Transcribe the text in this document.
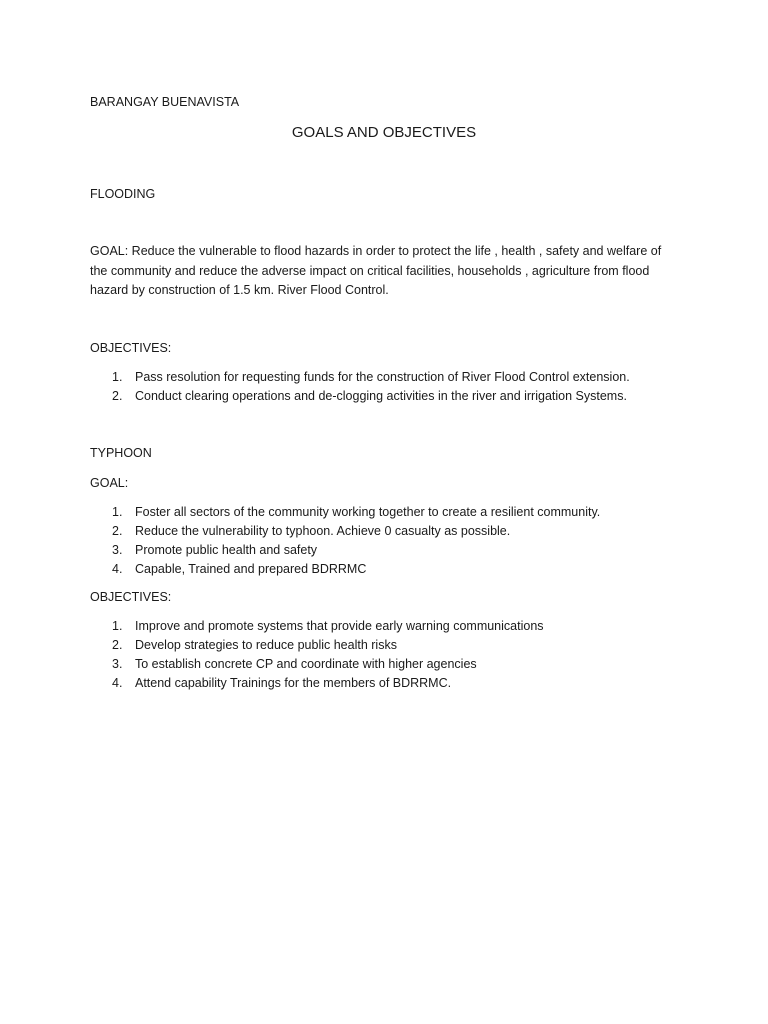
BARANGAY BUENAVISTA

GOALS AND OBJECTIVES

FLOODING

GOAL: Reduce the vulnerable to flood hazards in order to protect the life , health , safety and welfare of the community and reduce the adverse impact on critical facilities, households , agriculture from flood hazard by construction of 1.5 km. River Flood Control.

OBJECTIVES:

1.	Pass resolution for requesting funds for the construction of River Flood Control extension.
2.	Conduct clearing operations and de-clogging activities in the river and irrigation Systems.

TYPHOON

GOAL:

1.	Foster all sectors of the community working together to create a resilient community.
2.	Reduce the vulnerability to typhoon. Achieve 0 casualty as possible.
3.	Promote public health and safety
4.	Capable, Trained and prepared BDRRMC

OBJECTIVES:

1.	Improve and promote systems that provide early warning communications
2.	Develop strategies to reduce public health risks
3.	To establish concrete CP and coordinate with higher agencies
4.	Attend capability Trainings for the members of BDRRMC.
